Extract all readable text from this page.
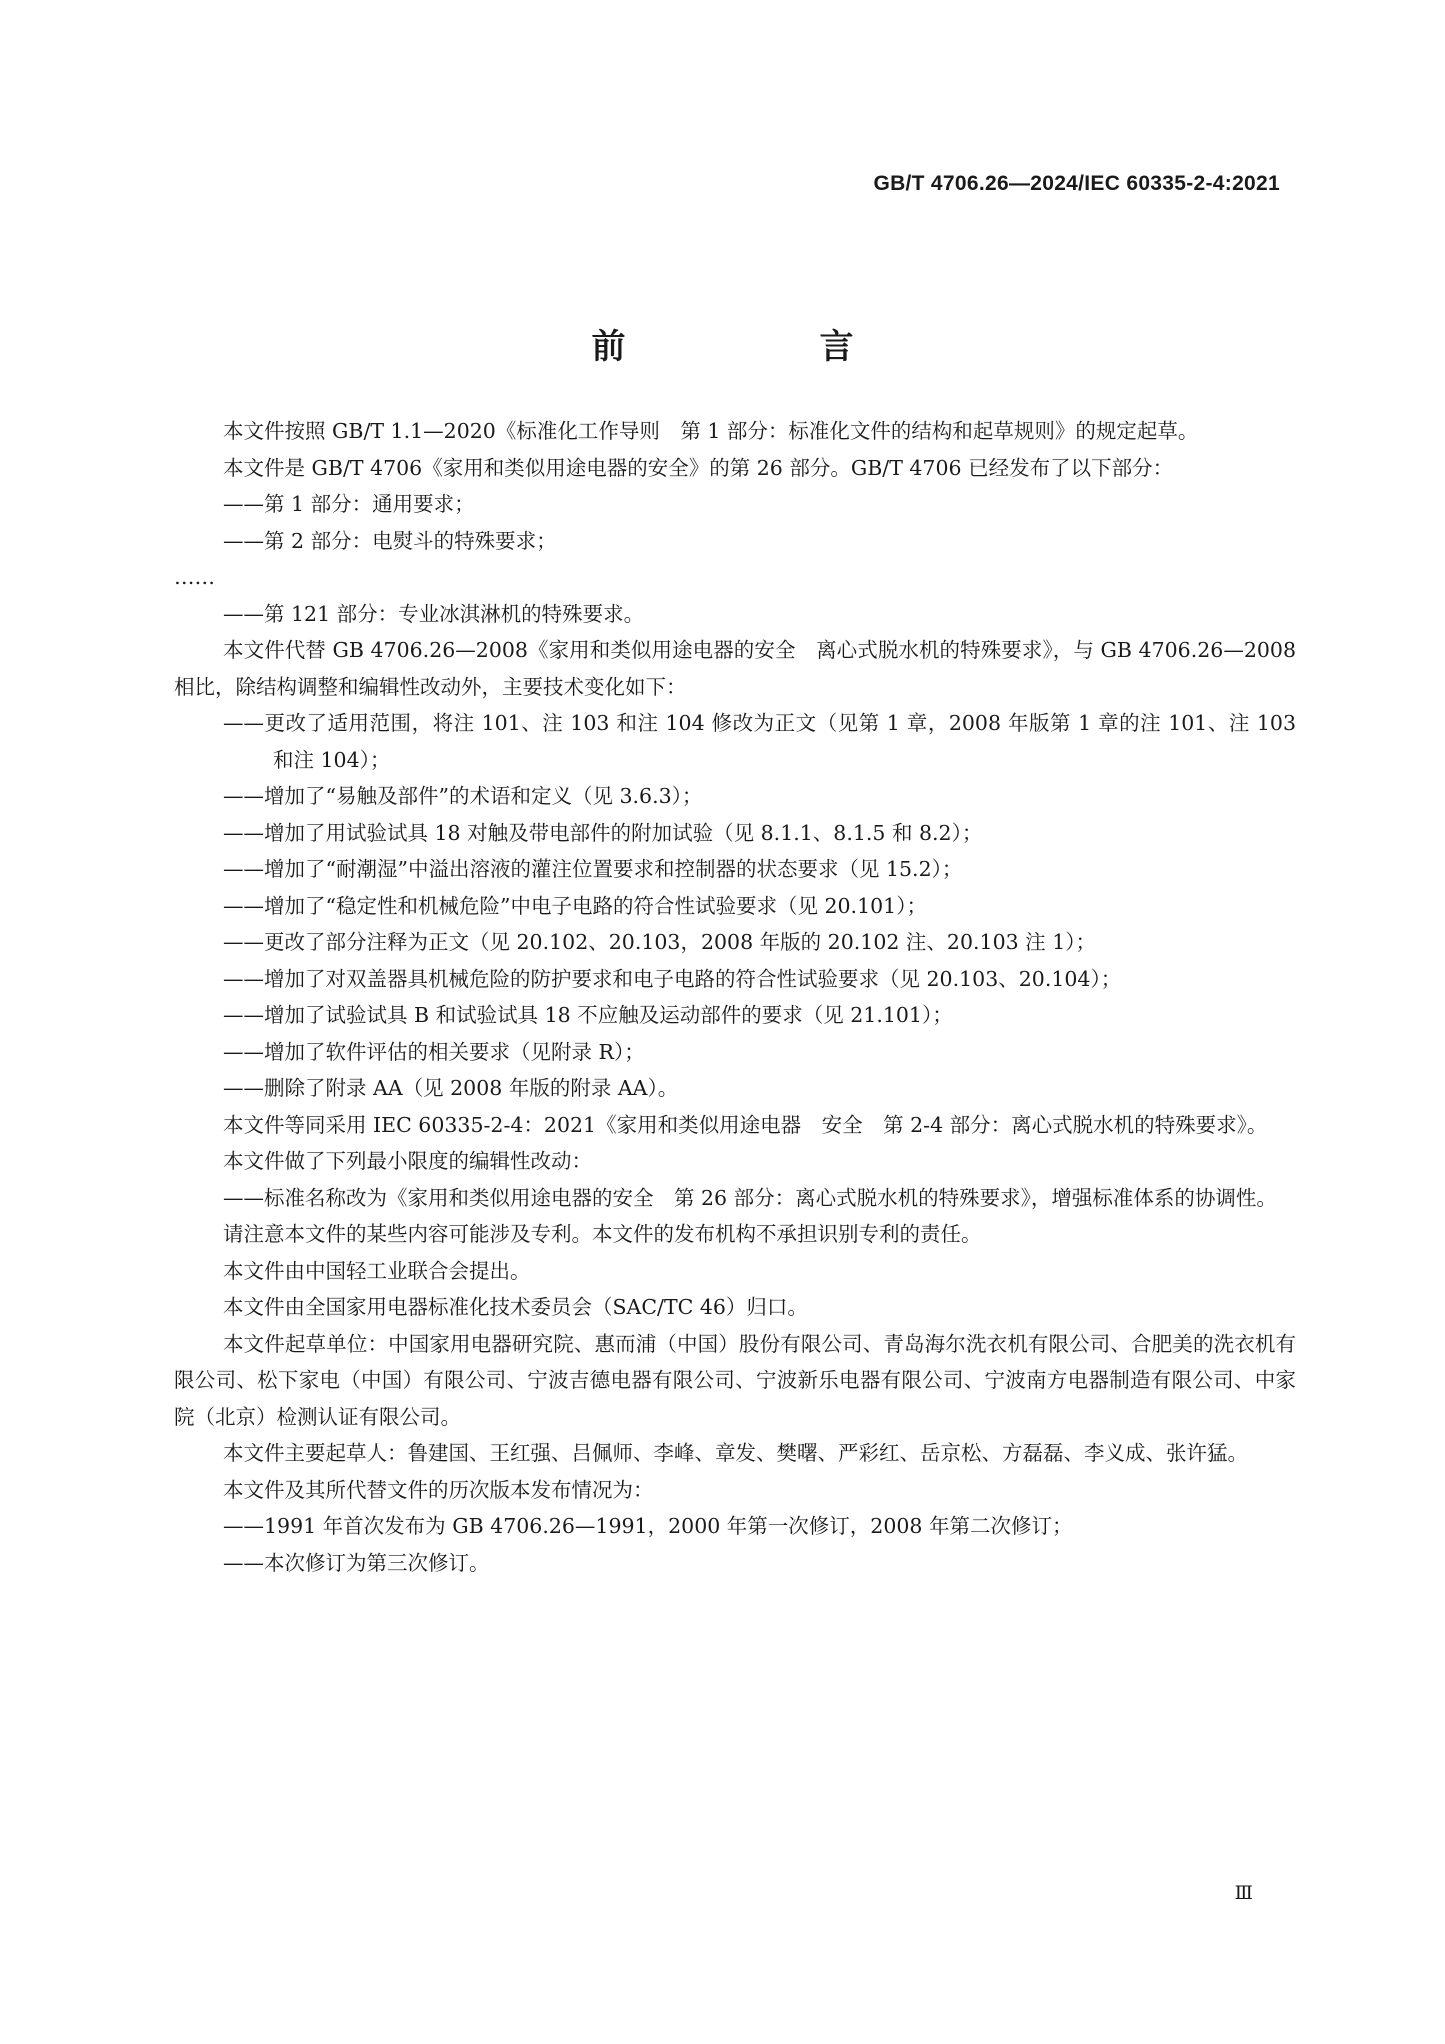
GB/T 4706.26—2024/IEC 60335-2-4:2021
前　言

本文件按照 GB/T 1.1—2020《标准化工作导则　第 1 部分：标准化文件的结构和起草规则》的规定起草。

本文件是 GB/T 4706《家用和类似用途电器的安全》的第 26 部分。GB/T 4706 已经发布了以下部分：

——第 1 部分：通用要求；

——第 2 部分：电熨斗的特殊要求；

……

——第 121 部分：专业冰淇淋机的特殊要求。

本文件代替 GB 4706.26—2008《家用和类似用途电器的安全　离心式脱水机的特殊要求》，与 GB 4706.26—2008 相比，除结构调整和编辑性改动外，主要技术变化如下：

——更改了适用范围，将注 101、注 103 和注 104 修改为正文（见第 1 章，2008 年版第 1 章的注 101、注 103 和注 104）；

——增加了“易触及部件”的术语和定义（见 3.6.3）；

——增加了用试验试具 18 对触及带电部件的附加试验（见 8.1.1、8.1.5 和 8.2）；

——增加了“耐潮湿”中溢出溶液的灌注位置要求和控制器的状态要求（见 15.2）；

——增加了“稳定性和机械危险”中电子电路的符合性试验要求（见 20.101）；

——更改了部分注释为正文（见 20.102、20.103，2008 年版的 20.102 注、20.103 注 1）；

——增加了对双盖器具机械危险的防护要求和电子电路的符合性试验要求（见 20.103、20.104）；

——增加了试验试具 B 和试验试具 18 不应触及运动部件的要求（见 21.101）；

——增加了软件评估的相关要求（见附录 R）；

——删除了附录 AA（见 2008 年版的附录 AA）。

本文件等同采用 IEC 60335-2-4：2021《家用和类似用途电器　安全　第 2-4 部分：离心式脱水机的特殊要求》。

本文件做了下列最小限度的编辑性改动：

——标准名称改为《家用和类似用途电器的安全　第 26 部分：离心式脱水机的特殊要求》，增强标准体系的协调性。

请注意本文件的某些内容可能涉及专利。本文件的发布机构不承担识别专利的责任。

本文件由中国轻工业联合会提出。

本文件由全国家用电器标准化技术委员会（SAC/TC 46）归口。

本文件起草单位：中国家用电器研究院、惠而浦（中国）股份有限公司、青岛海尔洗衣机有限公司、合肥美的洗衣机有限公司、松下家电（中国）有限公司、宁波吉德电器有限公司、宁波新乐电器有限公司、宁波南方电器制造有限公司、中家院（北京）检测认证有限公司。

本文件主要起草人：鲁建国、王红强、吕佩师、李峰、章发、樊曙、严彩红、岳京松、方磊磊、李义成、张许猛。

本文件及其所代替文件的历次版本发布情况为：

——1991 年首次发布为 GB 4706.26—1991，2000 年第一次修订，2008 年第二次修订；

——本次修订为第三次修订。

Ⅲ
